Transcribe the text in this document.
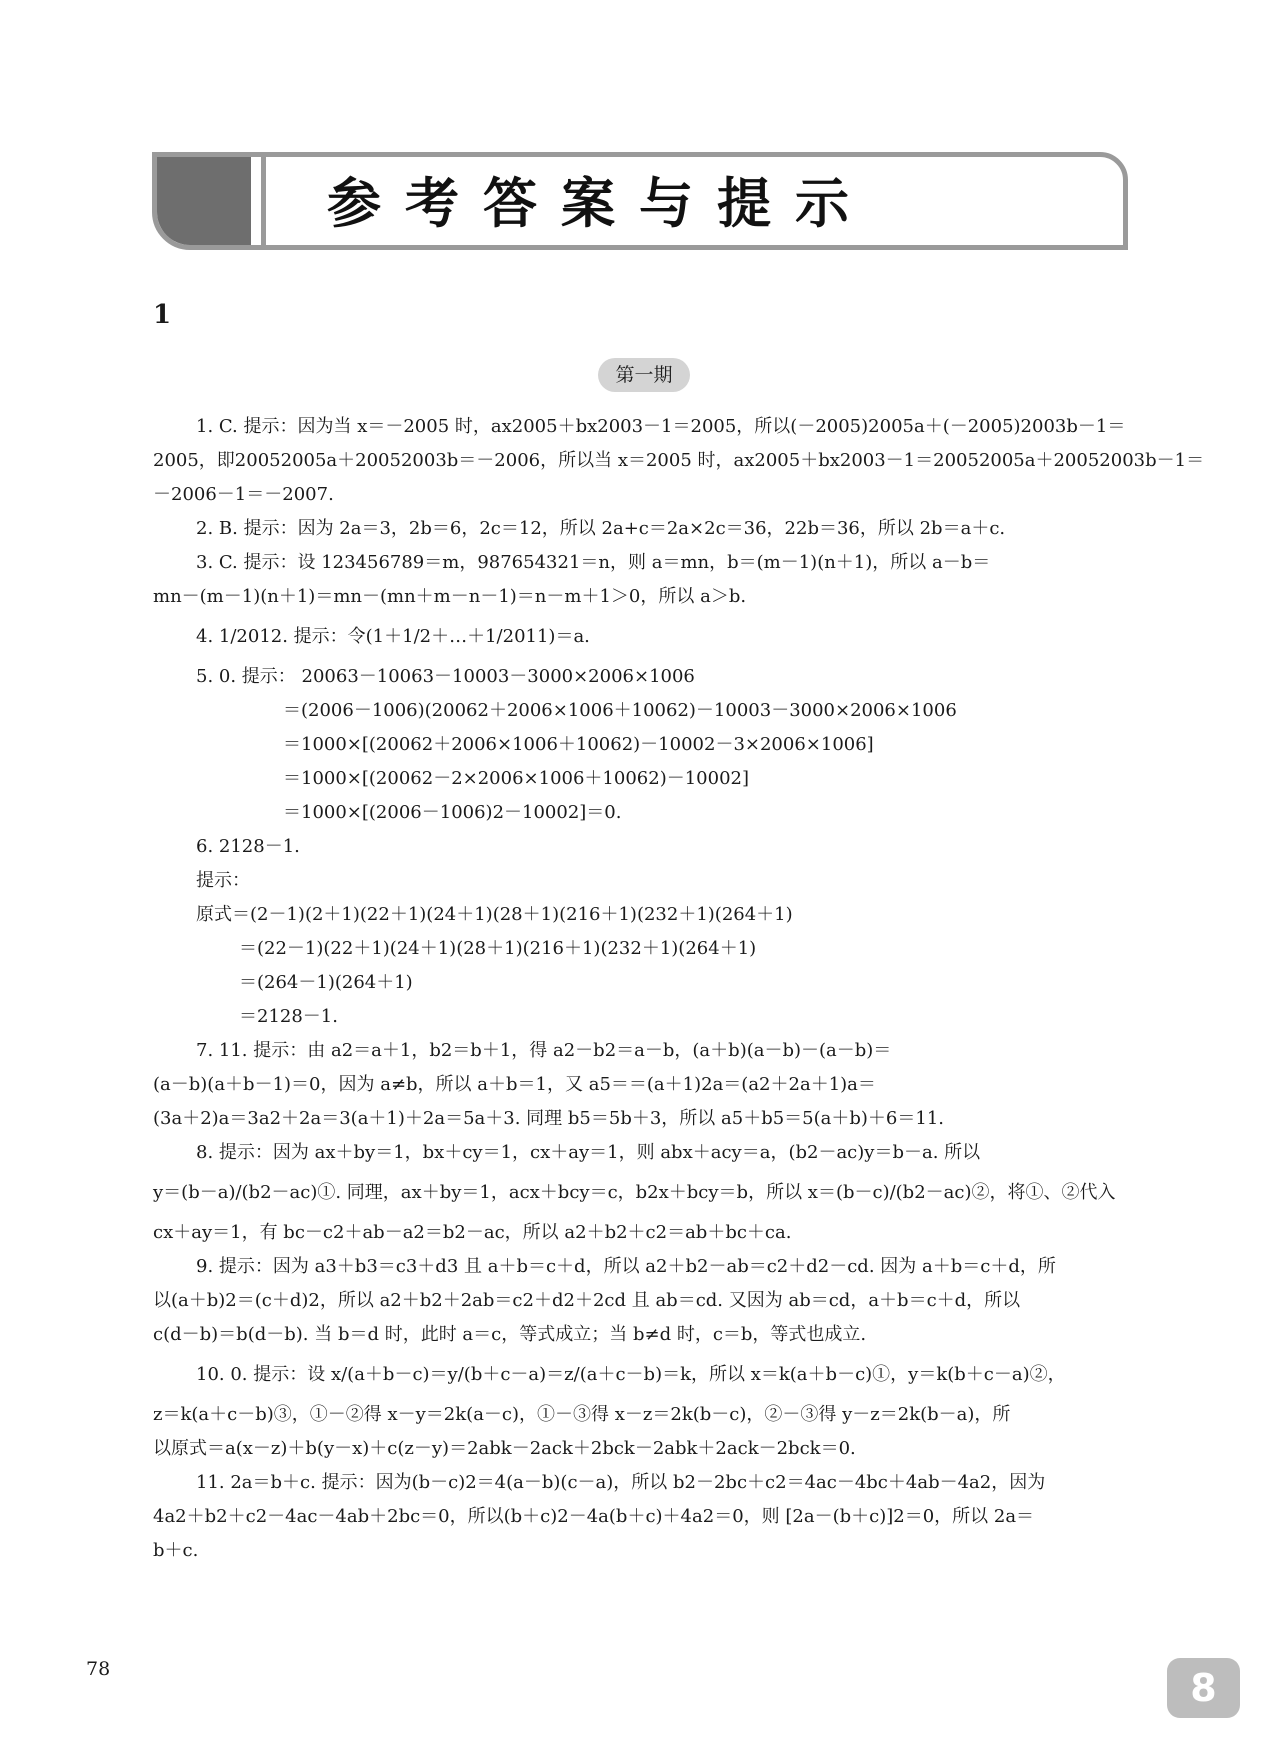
参考答案与提示
1
第一期

1. C. 提示：因为当 x＝－2005 时，ax2005＋bx2003－1＝2005，所以(－2005)2005a＋(－2005)2003b－1＝

2005，即20052005a＋20052003b＝－2006，所以当 x＝2005 时，ax2005＋bx2003－1＝20052005a＋20052003b－1＝

－2006－1＝－2007.

2. B. 提示：因为 2a＝3，2b＝6，2c＝12，所以 2a+c＝2a×2c＝36，22b＝36，所以 2b＝a＋c.

3. C. 提示：设 123456789＝m，987654321＝n，则 a＝mn，b＝(m－1)(n＋1)，所以 a－b＝

mn－(m－1)(n＋1)＝mn－(mn＋m－n－1)＝n－m＋1＞0，所以 a＞b.

4. 1/2012. 提示：令(1＋1/2＋…＋1/2011)＝a.

5. 0. 提示： 20063－10063－10003－3000×2006×1006

＝(2006－1006)(20062＋2006×1006＋10062)－10003－3000×2006×1006

＝1000×[(20062＋2006×1006＋10062)－10002－3×2006×1006]

＝1000×[(20062－2×2006×1006＋10062)－10002]

＝1000×[(2006－1006)2－10002]＝0.

6. 2128－1.

提示：

原式＝(2－1)(2＋1)(22＋1)(24＋1)(28＋1)(216＋1)(232＋1)(264＋1)

＝(22－1)(22＋1)(24＋1)(28＋1)(216＋1)(232＋1)(264＋1)

＝(264－1)(264＋1)

＝2128－1.

7. 11. 提示：由 a2＝a＋1，b2＝b＋1，得 a2－b2＝a－b，(a＋b)(a－b)－(a－b)＝

(a－b)(a＋b－1)＝0，因为 a≠b，所以 a＋b＝1，又 a5＝＝(a＋1)2a＝(a2＋2a＋1)a＝

(3a＋2)a＝3a2＋2a＝3(a＋1)＋2a＝5a＋3. 同理 b5＝5b＋3，所以 a5＋b5＝5(a＋b)＋6＝11.

8. 提示：因为 ax＋by＝1，bx＋cy＝1，cx＋ay＝1，则 abx＋acy＝a，(b2－ac)y＝b－a. 所以

y＝(b－a)/(b2－ac)①. 同理，ax＋by＝1，acx＋bcy＝c，b2x＋bcy＝b，所以 x＝(b－c)/(b2－ac)②，将①、②代入

cx＋ay＝1，有 bc－c2＋ab－a2＝b2－ac，所以 a2＋b2＋c2＝ab＋bc＋ca.

9. 提示：因为 a3＋b3＝c3＋d3 且 a＋b＝c＋d，所以 a2＋b2－ab＝c2＋d2－cd. 因为 a＋b＝c＋d，所

以(a＋b)2＝(c＋d)2，所以 a2＋b2＋2ab＝c2＋d2＋2cd 且 ab＝cd. 又因为 ab＝cd，a＋b＝c＋d，所以

c(d－b)＝b(d－b). 当 b＝d 时，此时 a＝c，等式成立；当 b≠d 时，c＝b，等式也成立.

10. 0. 提示：设 x/(a＋b－c)＝y/(b＋c－a)＝z/(a＋c－b)＝k，所以 x＝k(a＋b－c)①，y＝k(b＋c－a)②，

z＝k(a＋c－b)③，①－②得 x－y＝2k(a－c)，①－③得 x－z＝2k(b－c)，②－③得 y－z＝2k(b－a)，所

以原式＝a(x－z)＋b(y－x)＋c(z－y)＝2abk－2ack＋2bck－2abk＋2ack－2bck＝0.

11. 2a＝b＋c. 提示：因为(b－c)2＝4(a－b)(c－a)，所以 b2－2bc＋c2＝4ac－4bc＋4ab－4a2，因为

4a2＋b2＋c2－4ac－4ab＋2bc＝0，所以(b＋c)2－4a(b＋c)＋4a2＝0，则 [2a－(b＋c)]2＝0，所以 2a＝

b＋c.

78	8
